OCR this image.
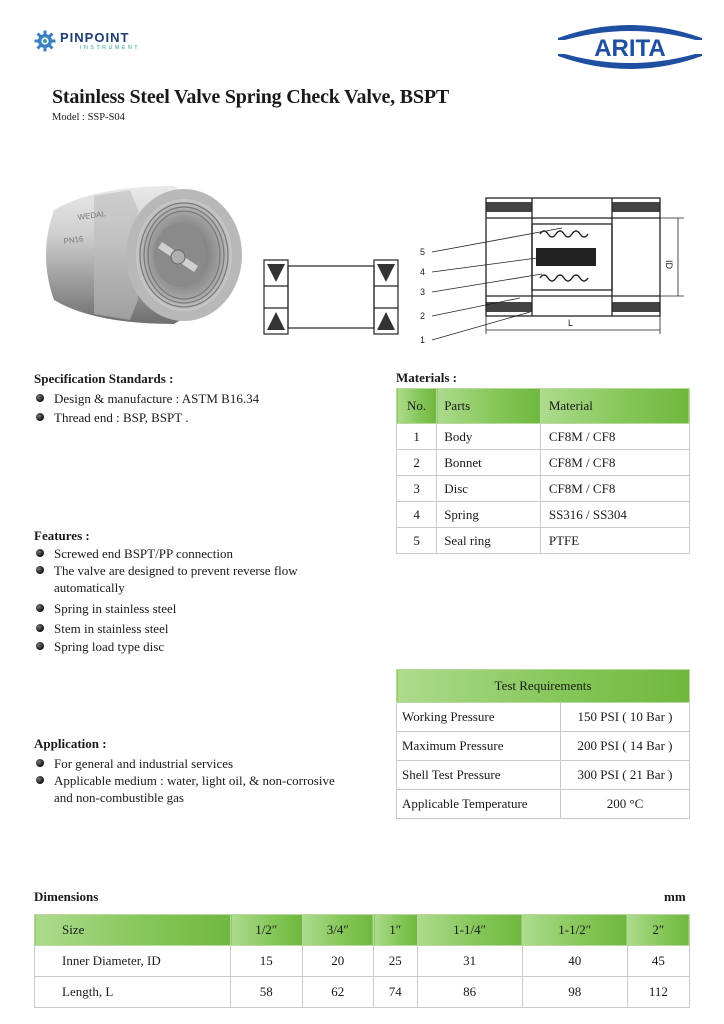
PINPOINT
INSTRUMENT	ARITA
Stainless Steel Valve Spring Check Valve, BSPT
Model : SSP-S04
WEDAL
PN16
5
4
3
2
1
ID
L
Specification Standards :
Design & manufacture : ASTM B16.34
Thread end : BSP, BSPT .
Materials :
No.	Parts	Material
1	Body	CF8M / CF8
2	Bonnet	CF8M / CF8
3	Disc	CF8M / CF8
4	Spring	SS316 / SS304
5	Seal ring	PTFE
Features :
Screwed end BSPT/PP connection
The valve are designed to prevent reverse flow
automatically
Spring in stainless steel
Stem in stainless steel
Spring load type disc
Test Requirements	
Working Pressure	150 PSI ( 10 Bar )
Maximum Pressure	200 PSI ( 14 Bar )
Shell Test Pressure	300 PSI ( 21 Bar )
Applicable Temperature	200 °C
Application :
For general and industrial services
Applicable medium : water, light oil, & non-corrosive
and non-combustible gas
Dimensions	mm
Size	1/2″	3/4″	1″	1-1/4″	1-1/2″	2″
Inner Diameter, ID	15	20	25	31	40	45
Length, L	58	62	74	86	98	112
